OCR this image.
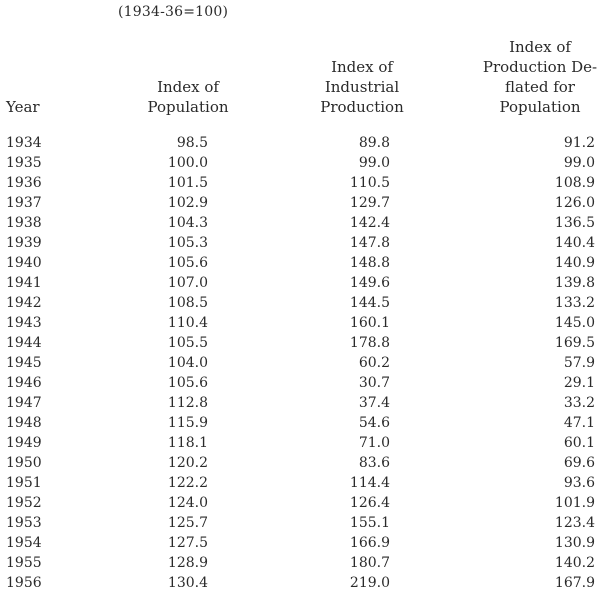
(1934-36=100)
Year
Index of
Population
Index of
Industrial
Production
Index of
Production De-
flated for
Population
1934	98.5	89.8	91.2
1935	100.0	99.0	99.0
1936	101.5	110.5	108.9
1937	102.9	129.7	126.0
1938	104.3	142.4	136.5
1939	105.3	147.8	140.4
1940	105.6	148.8	140.9
1941	107.0	149.6	139.8
1942	108.5	144.5	133.2
1943	110.4	160.1	145.0
1944	105.5	178.8	169.5
1945	104.0	60.2	57.9
1946	105.6	30.7	29.1
1947	112.8	37.4	33.2
1948	115.9	54.6	47.1
1949	118.1	71.0	60.1
1950	120.2	83.6	69.6
1951	122.2	114.4	93.6
1952	124.0	126.4	101.9
1953	125.7	155.1	123.4
1954	127.5	166.9	130.9
1955	128.9	180.7	140.2
1956	130.4	219.0	167.9
